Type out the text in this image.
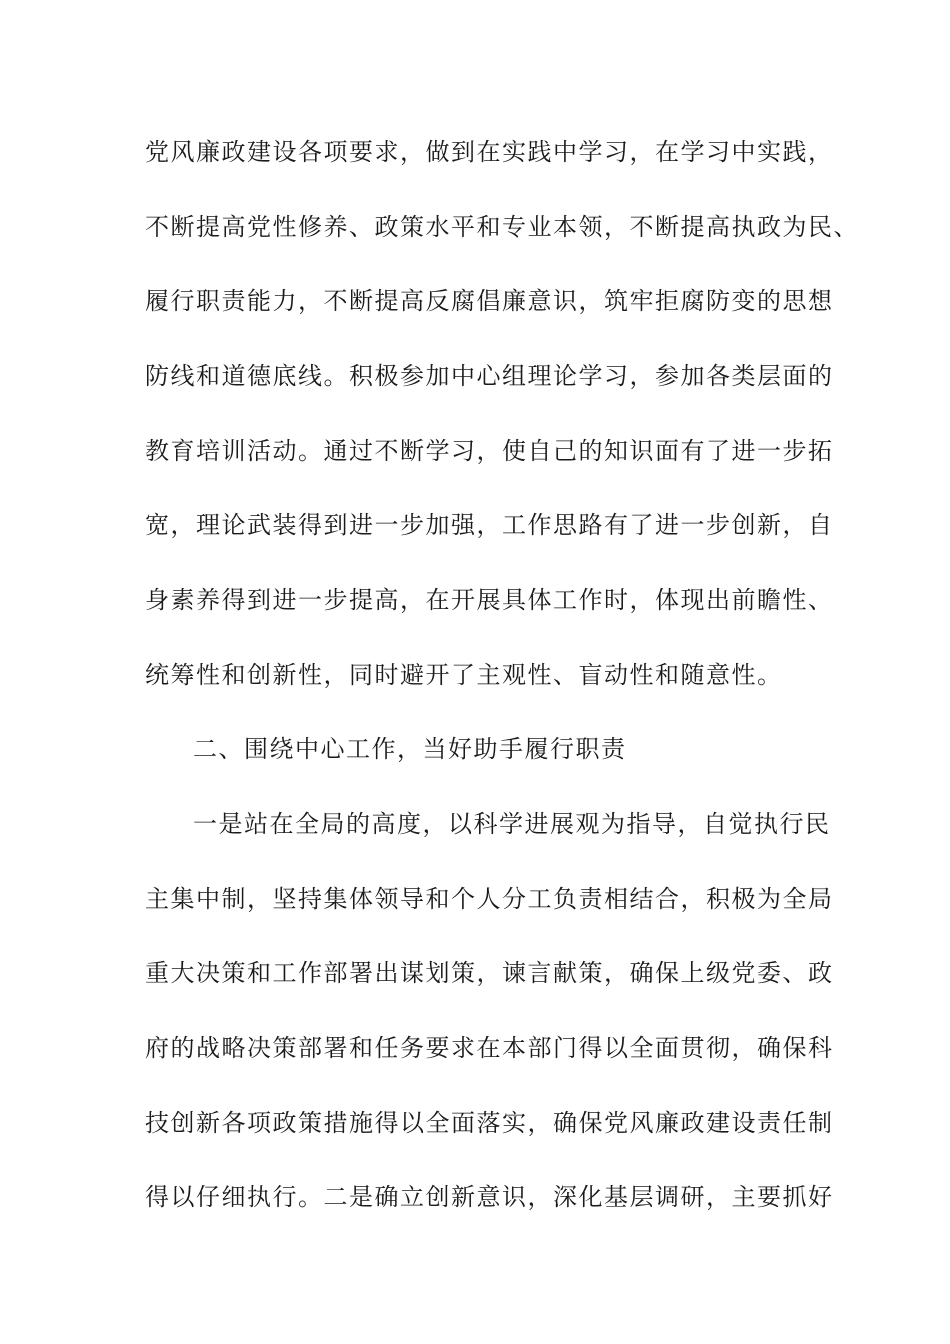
党风廉政建设各项要求，做到在实践中学习，在学习中实践，

不断提高党性修养、政策水平和专业本领，不断提高执政为民、

履行职责能力，不断提高反腐倡廉意识，筑牢拒腐防变的思想

防线和道德底线。积极参加中心组理论学习，参加各类层面的

教育培训活动。通过不断学习，使自己的知识面有了进一步拓

宽，理论武装得到进一步加强，工作思路有了进一步创新，自

身素养得到进一步提高，在开展具体工作时，体现出前瞻性、

统筹性和创新性，同时避开了主观性、盲动性和随意性。

二、围绕中心工作，当好助手履行职责

一是站在全局的高度，以科学进展观为指导，自觉执行民

主集中制，坚持集体领导和个人分工负责相结合，积极为全局

重大决策和工作部署出谋划策，谏言献策，确保上级党委、政

府的战略决策部署和任务要求在本部门得以全面贯彻，确保科

技创新各项政策措施得以全面落实，确保党风廉政建设责任制

得以仔细执行。二是确立创新意识，深化基层调研，主要抓好
